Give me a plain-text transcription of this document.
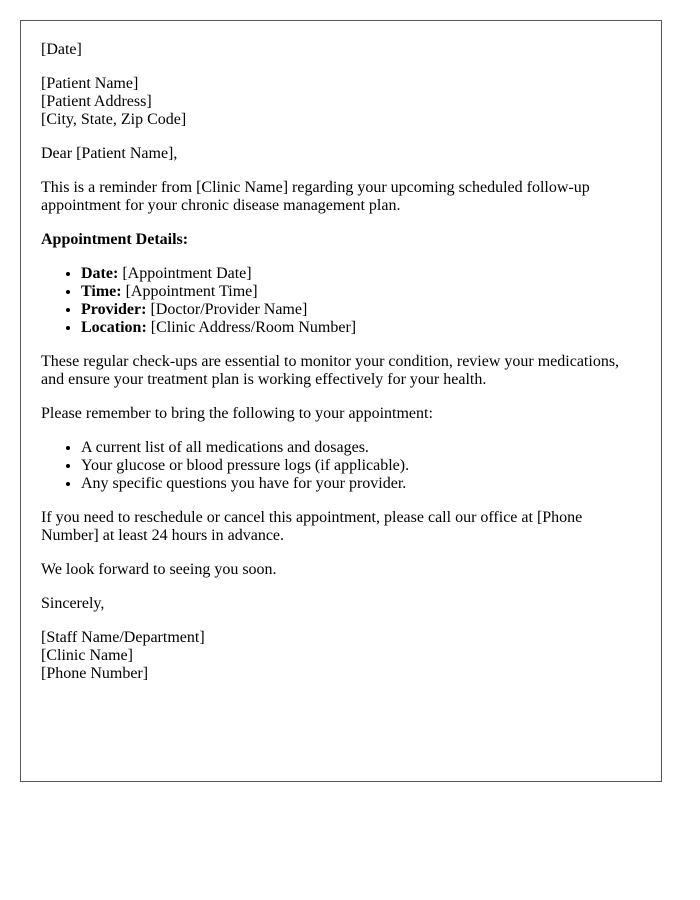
[Date]

[Patient Name]
[Patient Address]
[City, State, Zip Code]

Dear [Patient Name],

This is a reminder from [Clinic Name] regarding your upcoming scheduled follow-up appointment for your chronic disease management plan.

Appointment Details:

• Date: [Appointment Date]
• Time: [Appointment Time]
• Provider: [Doctor/Provider Name]
• Location: [Clinic Address/Room Number]

These regular check-ups are essential to monitor your condition, review your medications, and ensure your treatment plan is working effectively for your health.

Please remember to bring the following to your appointment:

• A current list of all medications and dosages.
• Your glucose or blood pressure logs (if applicable).
• Any specific questions you have for your provider.

If you need to reschedule or cancel this appointment, please call our office at [Phone Number] at least 24 hours in advance.

We look forward to seeing you soon.

Sincerely,

[Staff Name/Department]
[Clinic Name]
[Phone Number]
